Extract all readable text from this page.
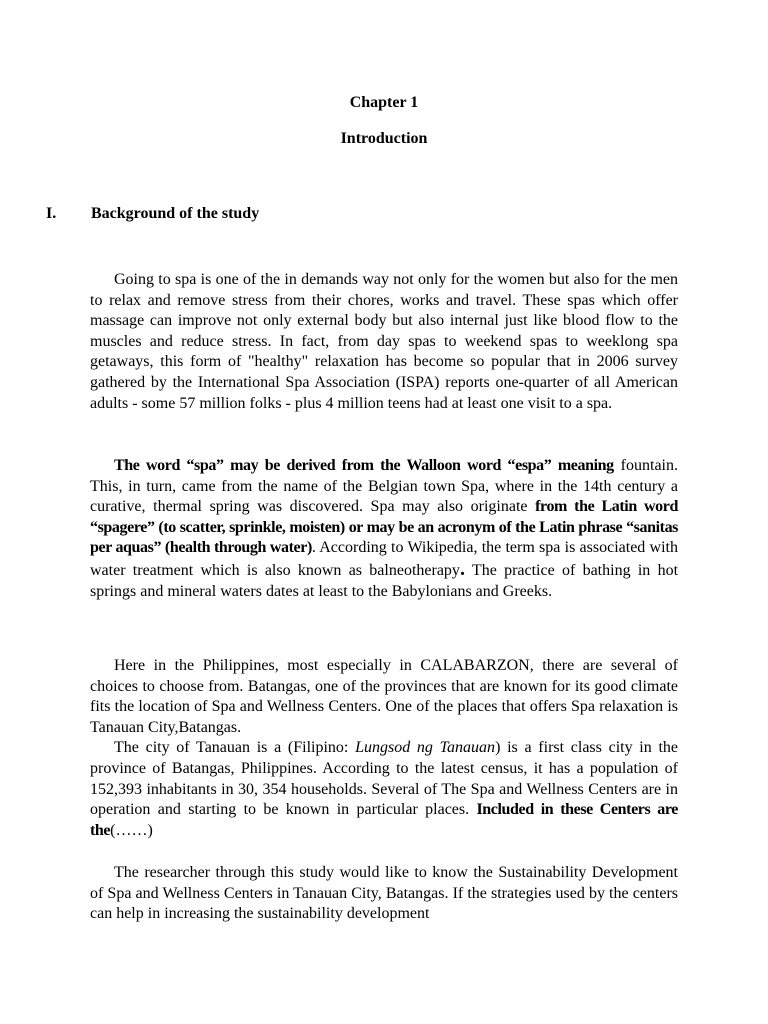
Chapter 1
Introduction
I. Background of the study

Going to spa is one of the in demands way not only for the women but also for the men to relax and remove stress from their chores, works and travel. These spas which offer massage can improve not only external body but also internal just like blood flow to the muscles and reduce stress. In fact, from day spas to weekend spas to weeklong spa getaways, this form of "healthy" relaxation has become so popular that in 2006 survey gathered by the International Spa Association (ISPA) reports one-quarter of all American adults - some 57 million folks - plus 4 million teens had at least one visit to a spa.

The word “spa” may be derived from the Walloon word “espa” meaning fountain. This, in turn, came from the name of the Belgian town Spa, where in the 14th century a curative, thermal spring was discovered. Spa may also originate from the Latin word “spagere” (to scatter, sprinkle, moisten) or may be an acronym of the Latin phrase “sanitas per aquas” (health through water). According to Wikipedia, the term spa is associated with water treatment which is also known as balneotherapy. The practice of bathing in hot springs and mineral waters dates at least to the Babylonians and Greeks.

Here in the Philippines, most especially in CALABARZON, there are several of choices to choose from. Batangas, one of the provinces that are known for its good climate fits the location of Spa and Wellness Centers. One of the places that offers Spa relaxation is Tanauan City,Batangas.

The city of Tanauan is a (Filipino: Lungsod ng Tanauan) is a first class city in the province of Batangas, Philippines. According to the latest census, it has a population of 152,393 inhabitants in 30, 354 households. Several of The Spa and Wellness Centers are in operation and starting to be known in particular places. Included in these Centers are the(……)

The researcher through this study would like to know the Sustainability Development of Spa and Wellness Centers in Tanauan City, Batangas. If the strategies used by the centers can help in increasing the sustainability development
